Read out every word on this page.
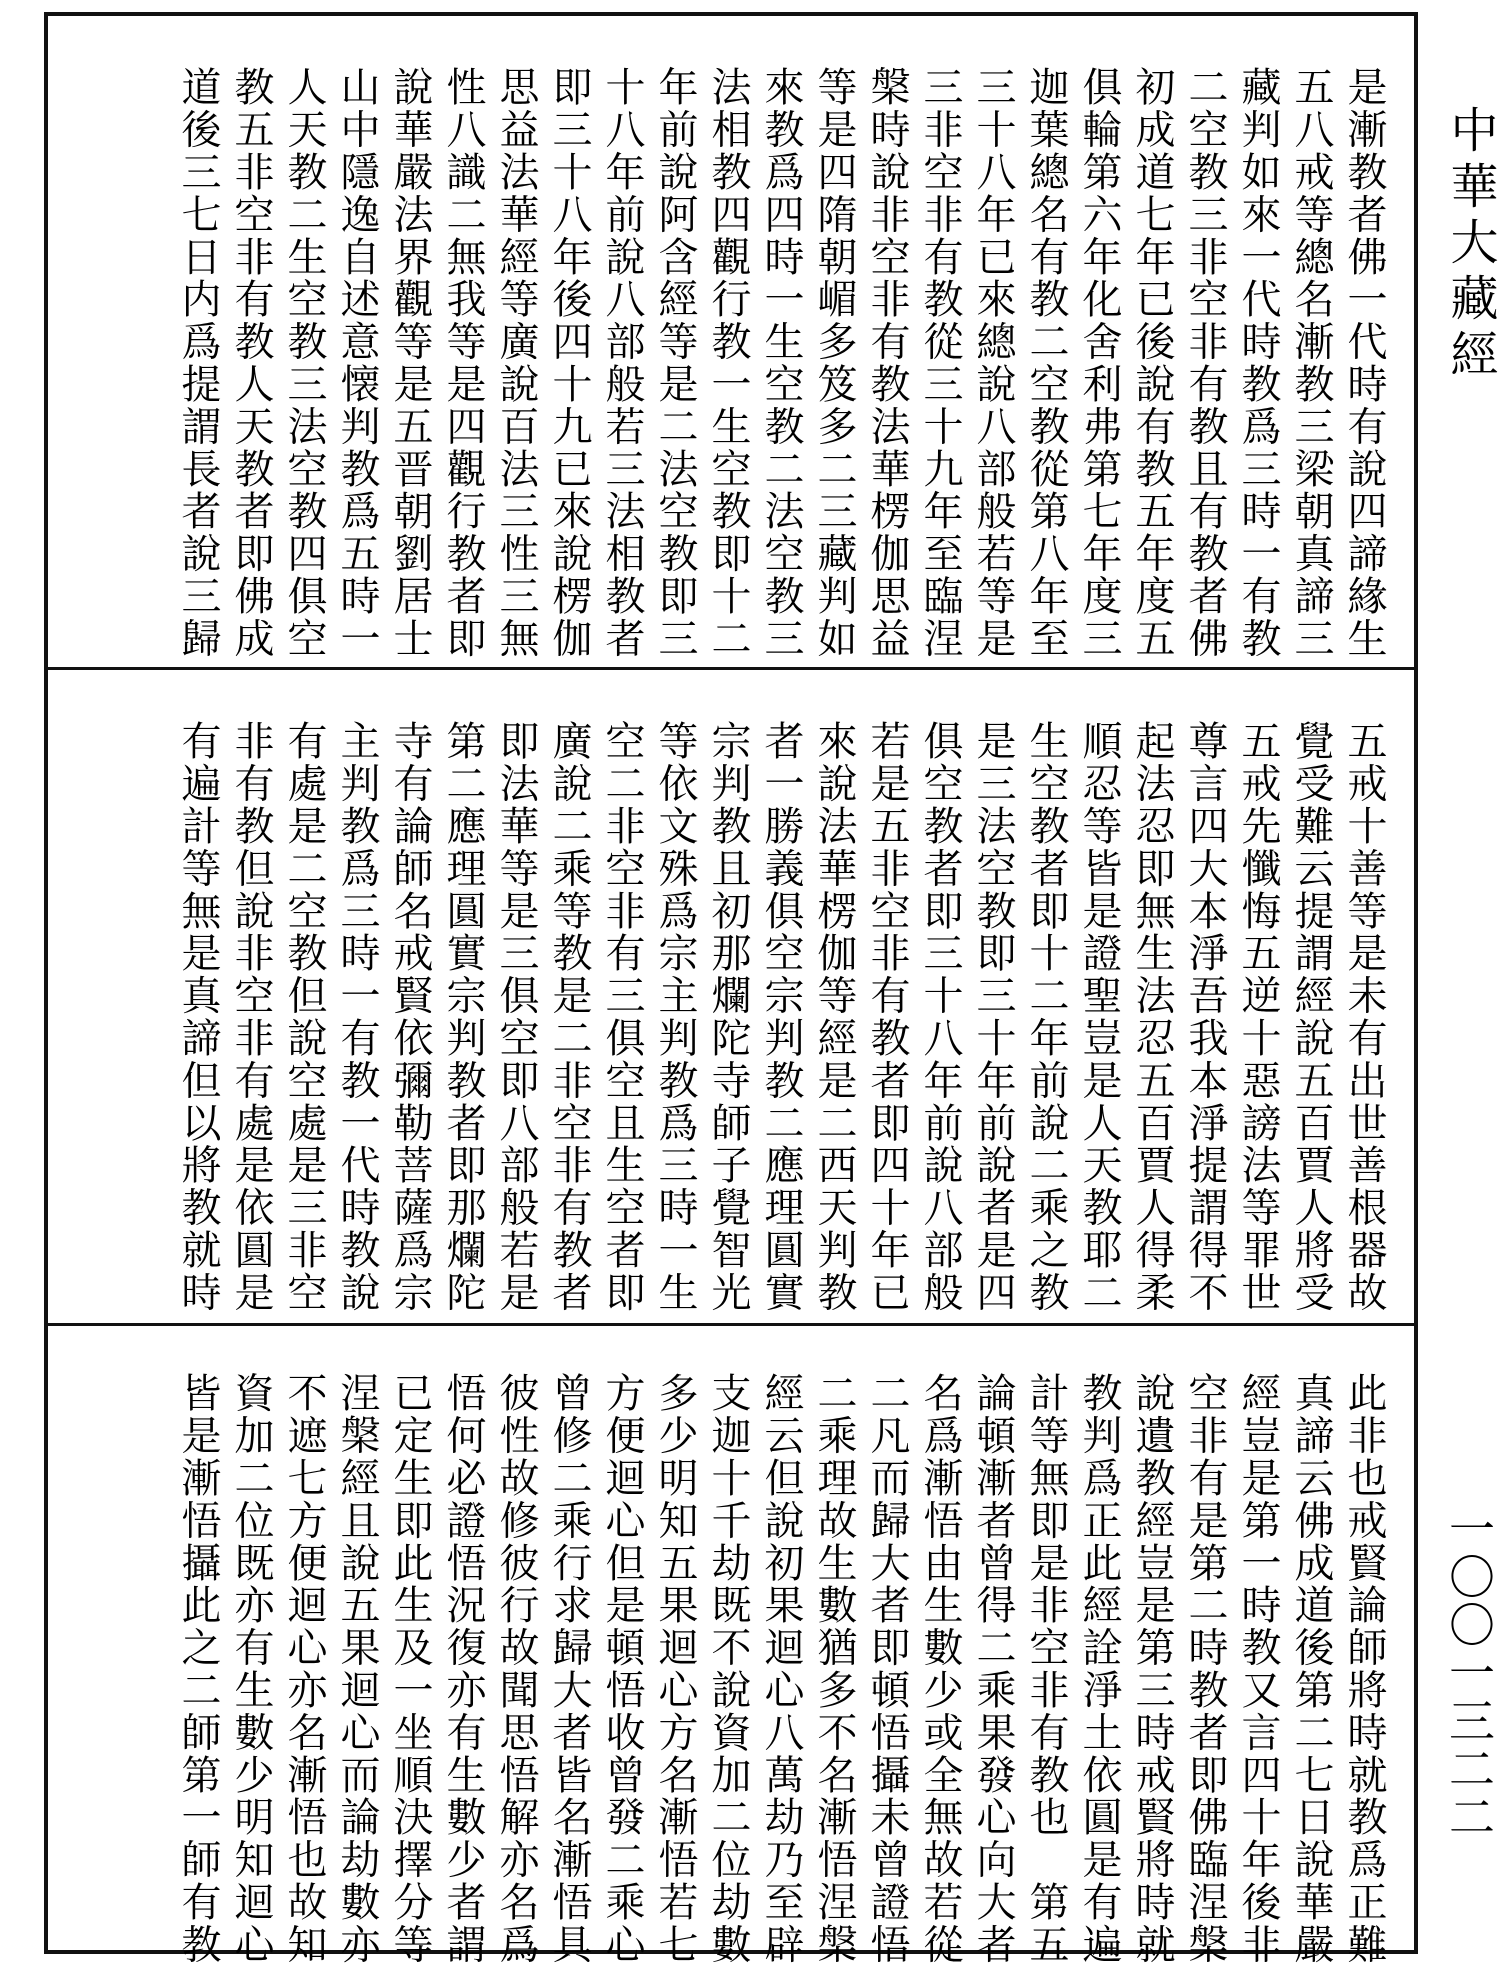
是漸教者佛一代時有說四諦緣生
五八戒等總名漸教三梁朝真諦三
藏判如來一代時教爲三時一有教
二空教三非空非有教且有教者佛
初成道七年已後說有教五年度五
俱輪第六年化舍利弗第七年度三
迦葉總名有教二空教從第八年至
三十八年已來總說八部般若等是
三非空非有教從三十九年至臨涅
槃時說非空非有教法華楞伽思益
等是四隋朝嵋多笈多二三藏判如
來教爲四時一生空教二法空教三
法相教四觀行教一生空教即十二
年前說阿含經等是二法空教即三
十八年前說八部般若三法相教者
即三十八年後四十九已來說楞伽
思益法華經等廣說百法三性三無
性八識二無我等是四觀行教者即
說華嚴法界觀等是五晋朝劉居士
山中隱逸自述意懐判教爲五時一
人天教二生空教三法空教四俱空
教五非空非有教人天教者即佛成
道後三七日内爲提謂長者說三歸
五戒十善等是未有出世善根器故
覺受難云提謂經說五百賈人將受
五戒先懺悔五逆十惡謗法等罪世
尊言四大本淨吾我本淨提謂得不
起法忍即無生法忍五百賈人得柔
順忍等皆是證聖豈是人天教耶二
生空教者即十二年前說二乘之教
是三法空教即三十年前說者是四
俱空教者即三十八年前說八部般
若是五非空非有教者即四十年已
來說法華楞伽等經是二西天判教
者一勝義俱空宗判教二應理圓實
宗判教且初那爛陀寺師子覺智光
等依文殊爲宗主判教爲三時一生
空二非空非有三俱空且生空者即
廣說二乘等教是二非空非有教者
即法華等是三俱空即八部般若是
第二應理圓實宗判教者即那爛陀
寺有論師名戒賢依彌勒菩薩爲宗
主判教爲三時一有教一代時教說
有處是二空教但說空處是三非空
非有教但說非空非有處是依圓是
有遍計等無是真諦但以將教就時
此非也戒賢論師將時就教爲正難
真諦云佛成道後第二七日說華嚴
經豈是第一時教又言四十年後非
空非有是第二時教者即佛臨涅槃
說遺教經豈是第三時戒賢將時就
教判爲正此經詮淨土依圓是有遍
計等無即是非空非有教也　第五
論頓漸者曾得二乘果發心向大者
名爲漸悟由生數少或全無故若從
二凡而歸大者即頓悟攝未曾證悟
二乘理故生數猶多不名漸悟涅槃
經云但說初果迴心八萬劫乃至辟
支迦十千劫既不說資加二位劫數
多少明知五果迴心方名漸悟若七
方便迴心但是頓悟收曾發二乘心
曾修二乘行求歸大者皆名漸悟具
彼性故修彼行故聞思悟解亦名爲
悟何必證悟況復亦有生數少者謂
已定生即此生及一坐順決擇分等
涅槃經且說五果迴心而論劫數亦
不遮七方便迴心亦名漸悟也故知
資加二位既亦有生數少明知迴心
皆是漸悟攝此之二師第一師有教
中華大藏經
一〇〇一三二二
